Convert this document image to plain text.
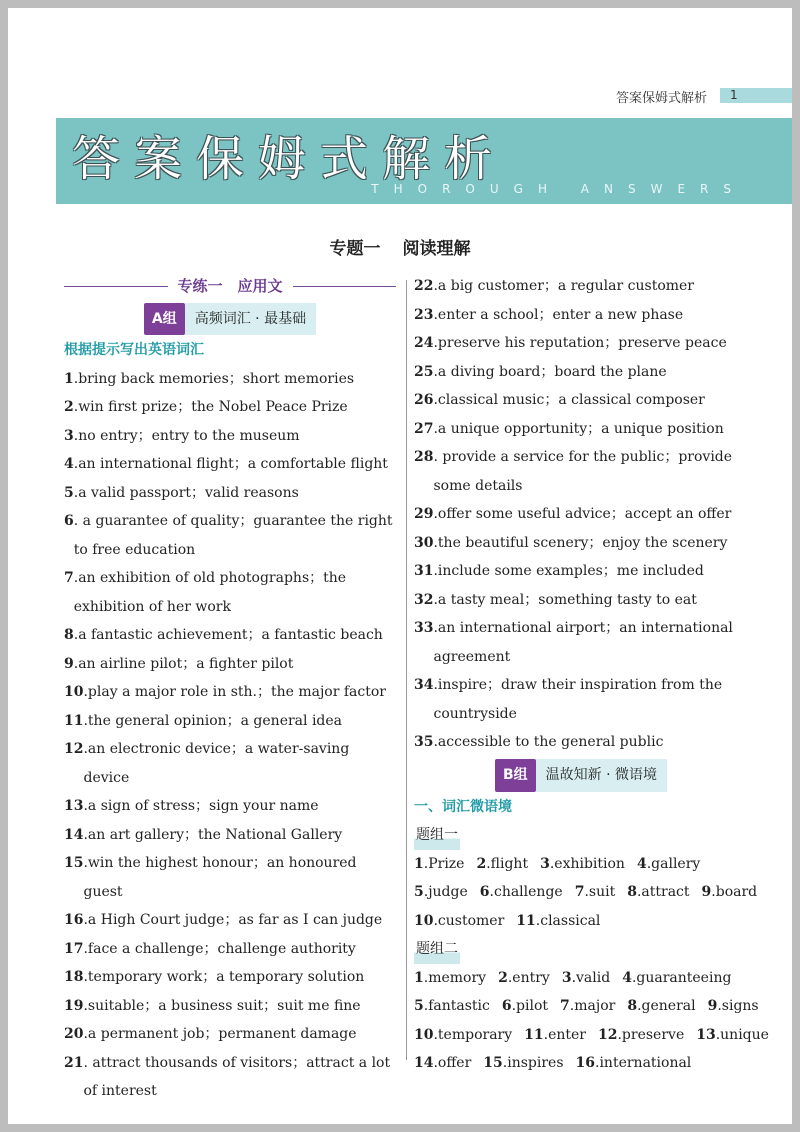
答案保姆式解析	1
答案保姆式解析
THOROUGH ANSWERS
专题一 阅读理解
专练一　应用文
A组	高频词汇 · 最基础
根据提示写出英语词汇
1 .bring back memories；short memories
2 .win first prize；the Nobel Peace Prize
3 .no entry；entry to the museum
4 .an international flight；a comfortable flight
5 .a valid passport；valid reasons
6 . a guarantee of quality；guarantee the right to free education
7 .an exhibition of old photographs；the exhibition of her work
8 .a fantastic achievement；a fantastic beach
9 .an airline pilot；a fighter pilot
10 .play a major role in sth.；the major factor
11 .the general opinion；a general idea
12 .an electronic device；a water-saving device
13 .a sign of stress；sign your name
14 .an art gallery；the National Gallery
15 .win the highest honour；an honoured guest
16 .a High Court judge；as far as I can judge
17 .face a challenge；challenge authority
18 .temporary work；a temporary solution
19 .suitable；a business suit；suit me fine
20 .a permanent job；permanent damage
21 . attract thousands of visitors；attract a lot of interest
22 .a big customer；a regular customer
23 .enter a school；enter a new phase
24 .preserve his reputation；preserve peace
25 .a diving board；board the plane
26 .classical music；a classical composer
27 .a unique opportunity；a unique position
28 . provide a service for the public；provide some details
29 .offer some useful advice；accept an offer
30 .the beautiful scenery；enjoy the scenery
31 .include some examples；me included
32 .a tasty meal；something tasty to eat
33 .an international airport；an international agreement
34 .inspire；draw their inspiration from the countryside
35 .accessible to the general public
B组	温故知新 · 微语境
一、词汇微语境
题组一
1.Prize 2.flight 3.exhibition 4.gallery
5.judge 6.challenge 7.suit 8.attract 9.board
10.customer 11.classical
题组二
1.memory 2.entry 3.valid 4.guaranteeing
5.fantastic 6.pilot 7.major 8.general 9.signs
10.temporary 11.enter 12.preserve 13.unique
14.offer 15.inspires 16.international
